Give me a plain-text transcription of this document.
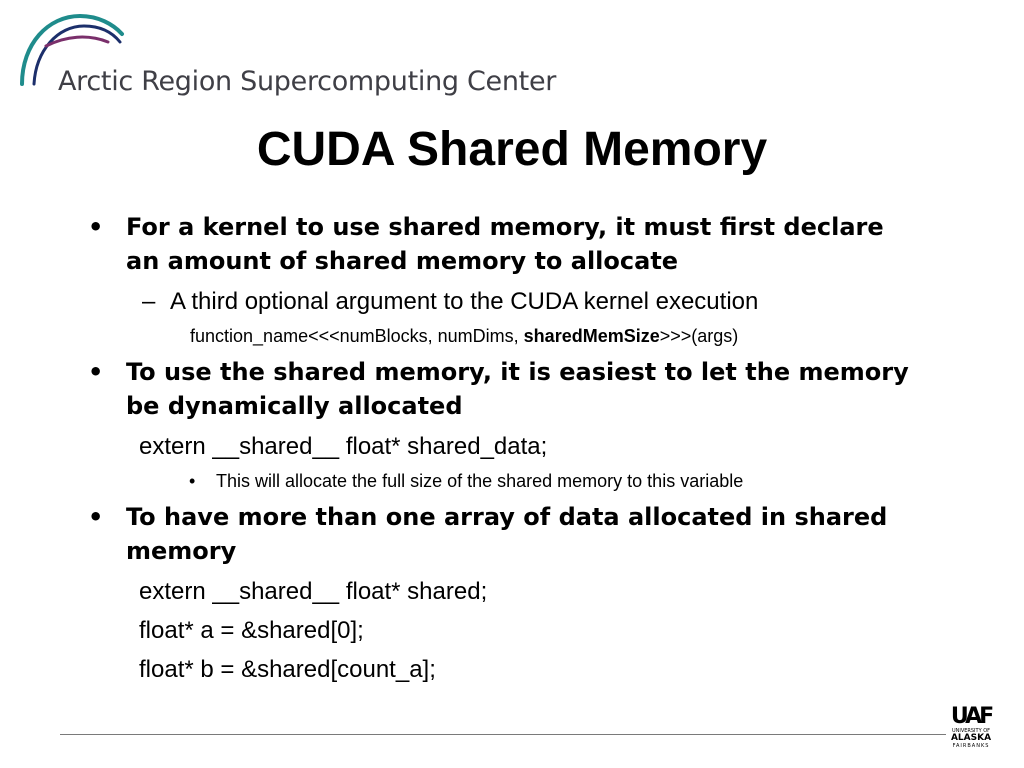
Arctic Region Supercomputing Center
CUDA Shared Memory
• For a kernel to use shared memory, it must first declare an amount of shared memory to allocate
– A third optional argument to the CUDA kernel execution
function_name<<<numBlocks, numDims, sharedMemSize>>>(args)
• To use the shared memory, it is easiest to let the memory be dynamically allocated
extern __shared__ float* shared_data;
• This will allocate the full size of the shared memory to this variable
• To have more than one array of data allocated in shared memory
extern __shared__ float* shared;
float* a = &shared[0];
float* b = &shared[count_a];
UAF
UNIVERSITY OF
ALASKA
FAIRBANKS
